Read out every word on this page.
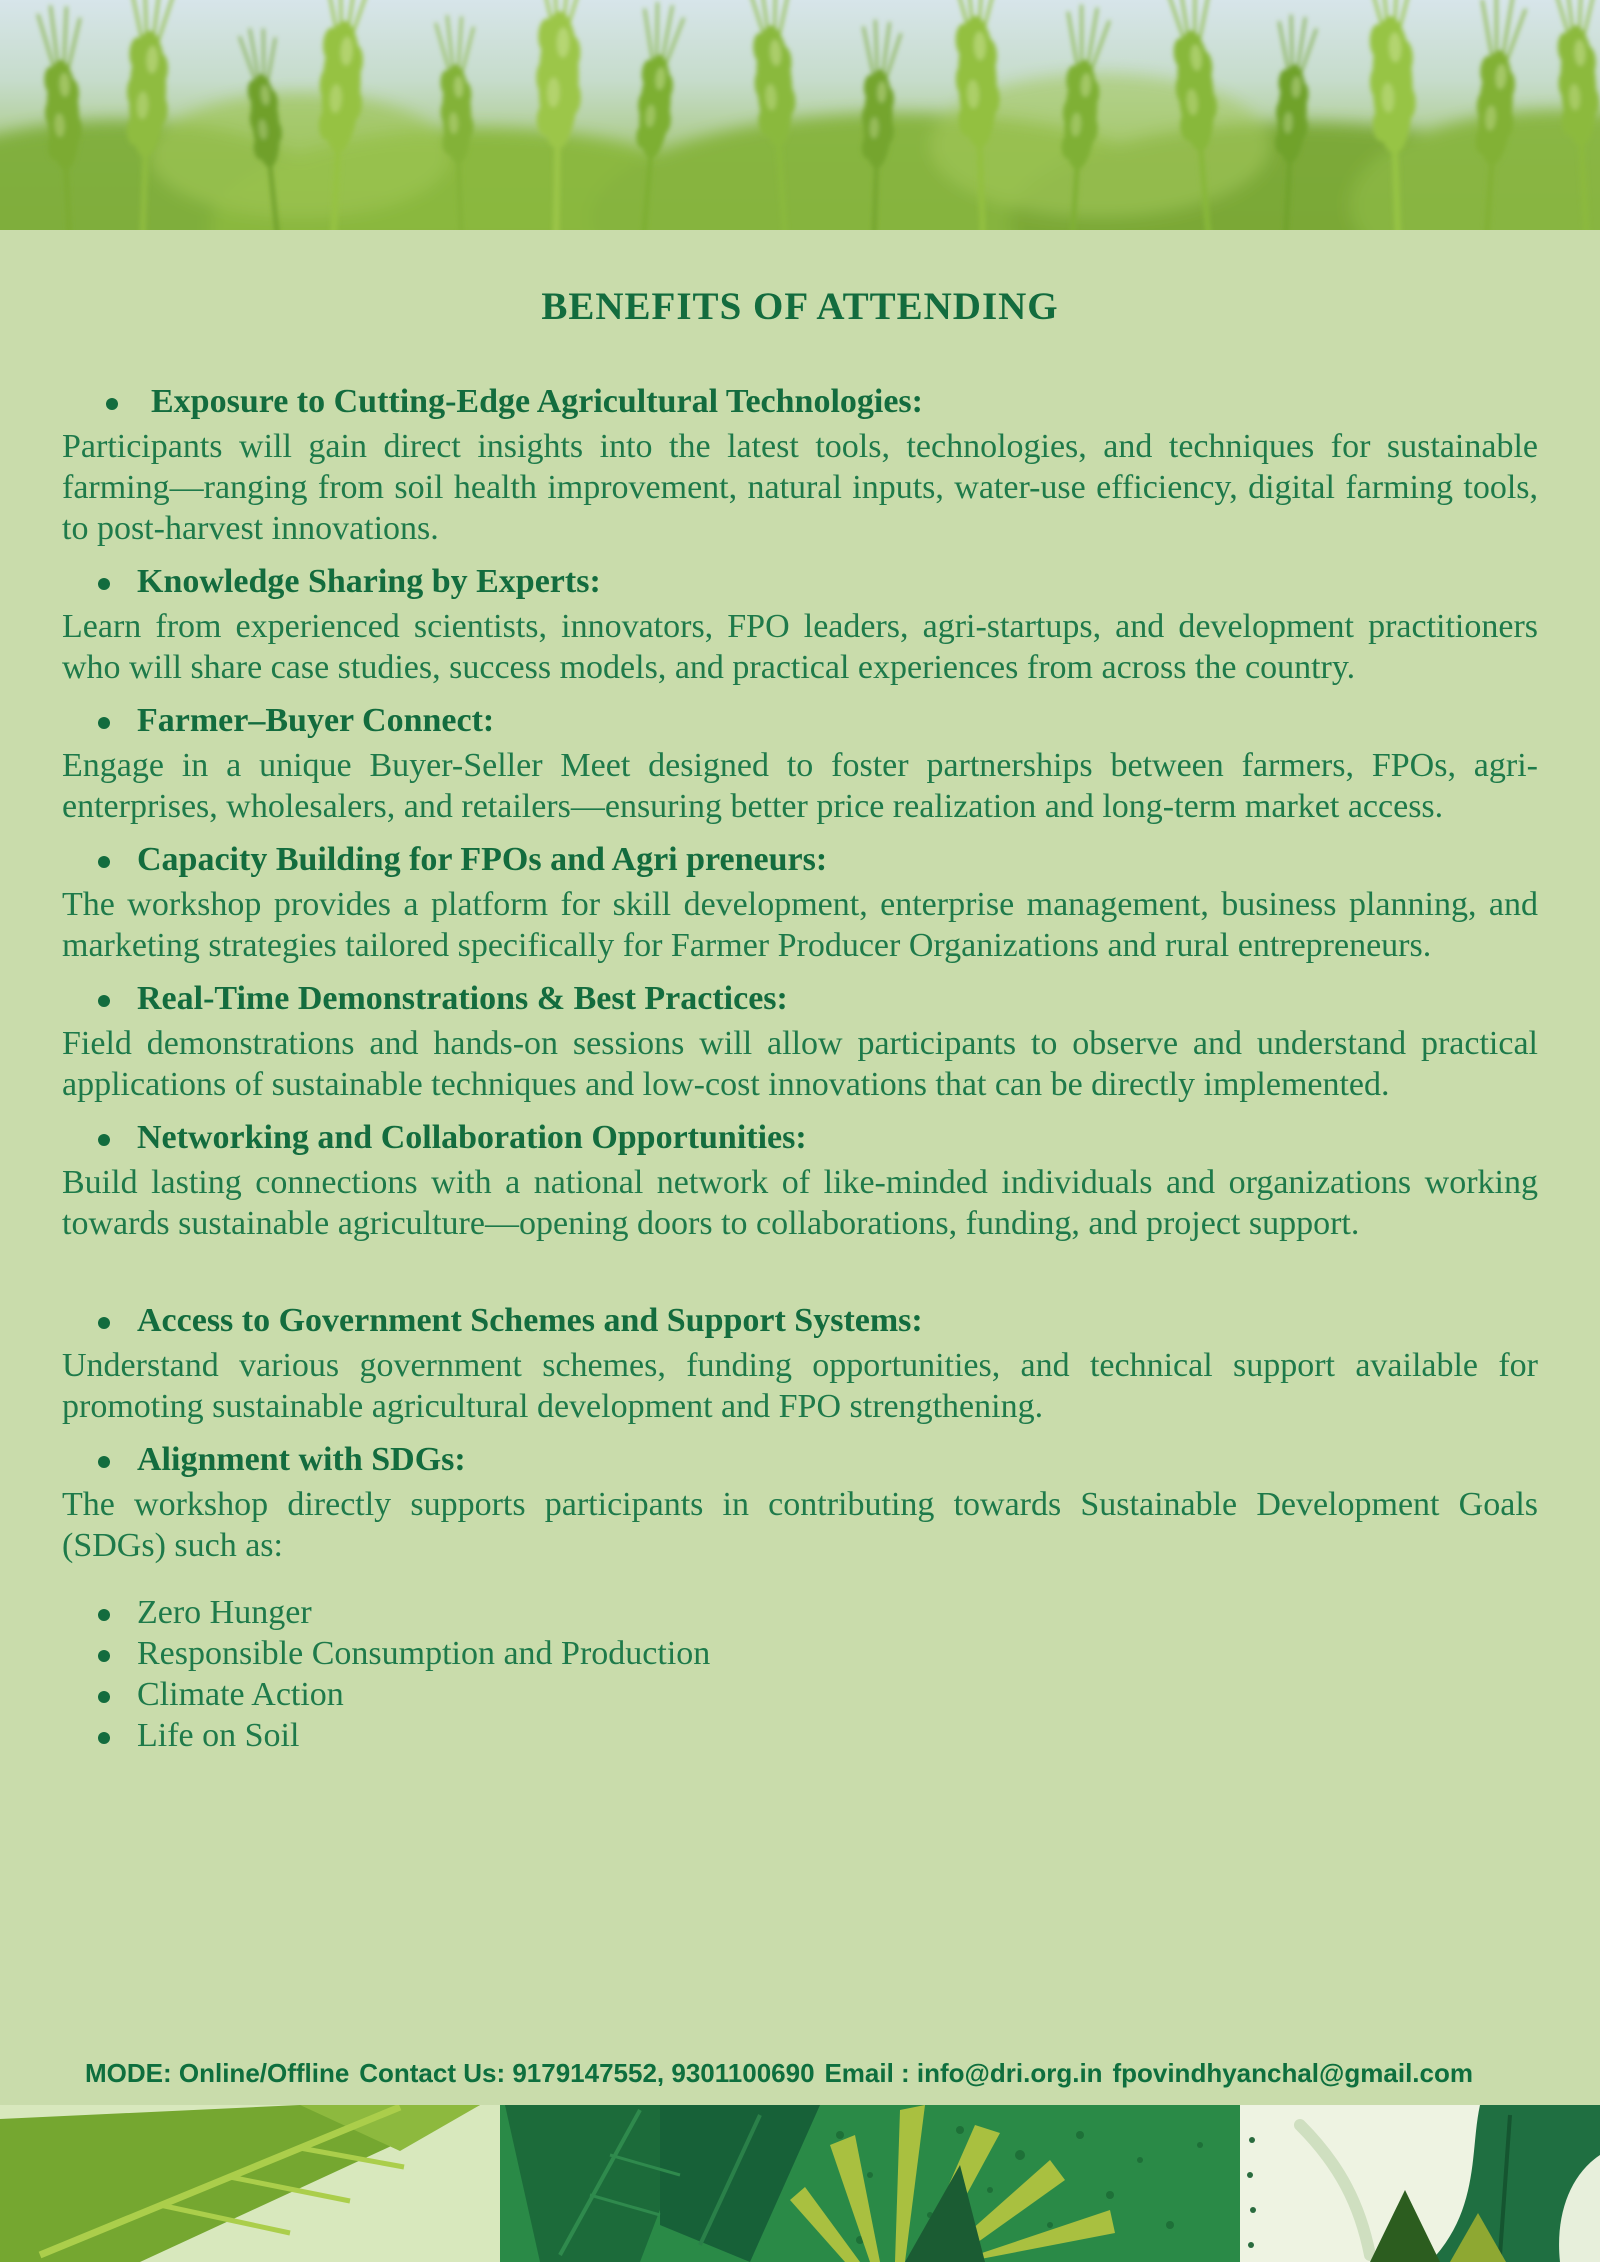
BENEFITS OF ATTENDING
Exposure to Cutting-Edge Agricultural Technologies:

Participants will gain direct insights into the latest tools, technologies, and techniques for sustainable farming—ranging from soil health improvement, natural inputs, water-use efficiency, digital farming tools, to post-harvest innovations.

Knowledge Sharing by Experts:

Learn from experienced scientists, innovators, FPO leaders, agri-startups, and development practitioners who will share case studies, success models, and practical experiences from across the country.

Farmer–Buyer Connect:

Engage in a unique Buyer-Seller Meet designed to foster partnerships between farmers, FPOs, agri-enterprises, wholesalers, and retailers—ensuring better price realization and long-term market access.

Capacity Building for FPOs and Agri preneurs:

The workshop provides a platform for skill development, enterprise management, business planning, and marketing strategies tailored specifically for Farmer Producer Organizations and rural entrepreneurs.

Real-Time Demonstrations & Best Practices:

Field demonstrations and hands-on sessions will allow participants to observe and understand practical applications of sustainable techniques and low-cost innovations that can be directly implemented.

Networking and Collaboration Opportunities:

Build lasting connections with a national network of like-minded individuals and organizations working towards sustainable agriculture—opening doors to collaborations, funding, and project support.

Access to Government Schemes and Support Systems:

Understand various government schemes, funding opportunities, and technical support available for promoting sustainable agricultural development and FPO strengthening.

Alignment with SDGs:

The workshop directly supports participants in contributing towards Sustainable Development Goals (SDGs) such as:

Zero Hunger
Responsible Consumption and Production
Climate Action
Life on Soil
MODE: Online/Offline Contact Us: 9179147552, 9301100690 Email : info@dri.org.in fpovindhyanchal@gmail.com
